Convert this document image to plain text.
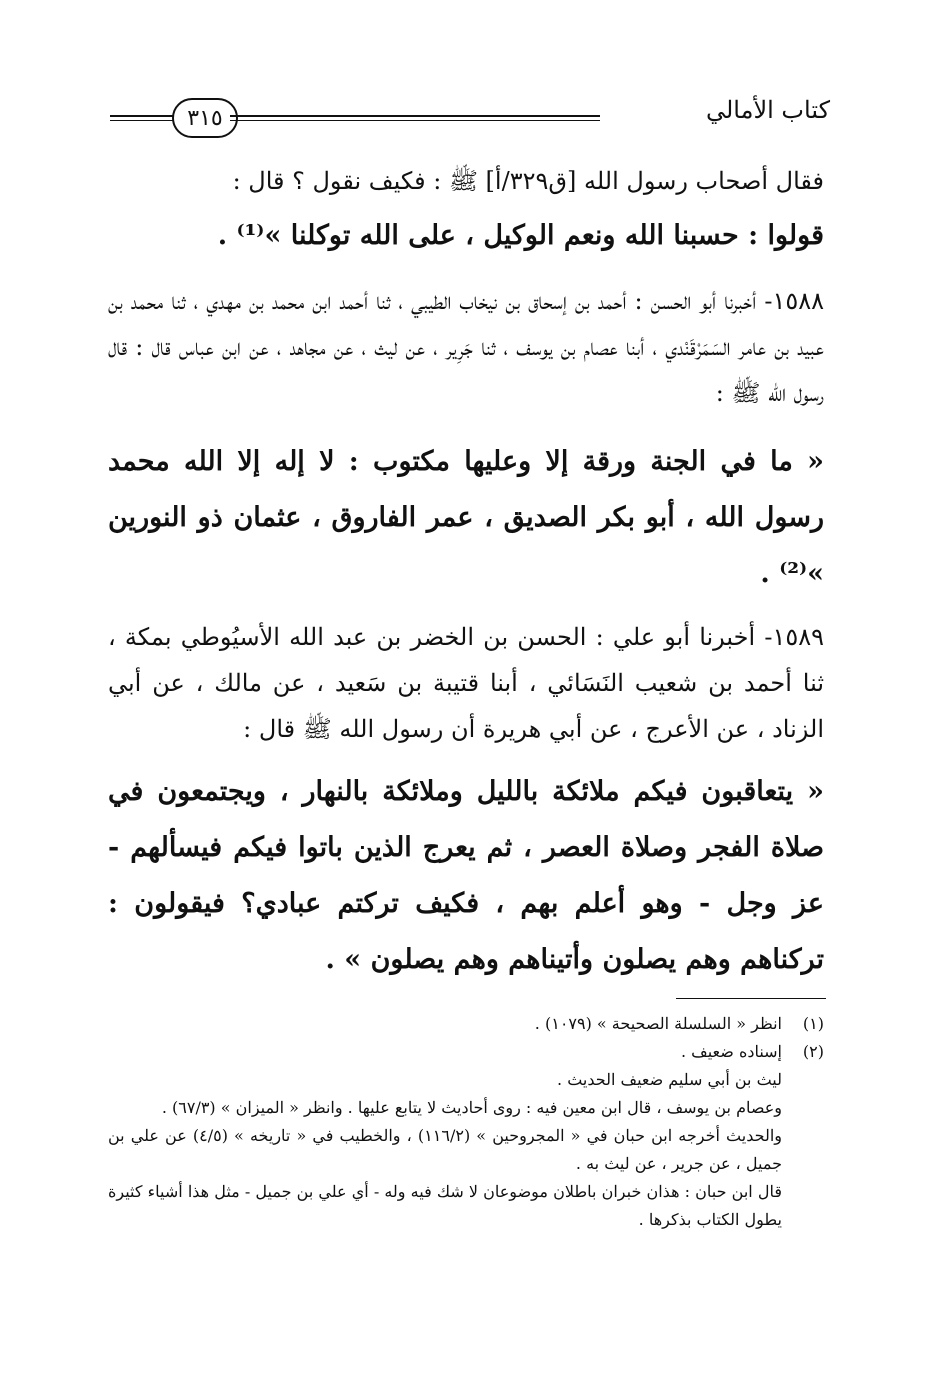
٣١٥	كتاب الأمالي

فقال أصحاب رسول الله [ق٣٢٩/أ] ﷺ : فكيف نقول ؟ قال :

قولوا : حسبنا الله ونعم الوكيل ، على الله توكلنا »⁽¹⁾ .

١٥٨٨- أخبرنا أبو الحسن : أحمد بن إسحاق بن نيخاب الطيبي ، ثنا أحمد ابن محمد بن مهدي ، ثنا محمد بن عبيد بن عامر السَمَرْقَنْدي ، أبنا عصام بن يوسف ، ثنا جَرِير ، عن ليث ، عن مجاهد ، عن ابن عباس قال : قال رسول الله ﷺ :

« ما في الجنة ورقة إلا وعليها مكتوب : لا إله إلا الله محمد رسول الله ، أبو بكر الصديق ، عمر الفاروق ، عثمان ذو النورين »⁽²⁾ .

١٥٨٩- أخبرنا أبو علي : الحسن بن الخضر بن عبد الله الأسيُوطي بمكة ، ثنا أحمد بن شعيب النَسَائي ، أبنا قتيبة بن سَعيد ، عن مالك ، عن أبي الزناد ، عن الأعرج ، عن أبي هريرة أن رسول الله ﷺ قال :

« يتعاقبون فيكم ملائكة بالليل وملائكة بالنهار ، ويجتمعون في صلاة الفجر وصلاة العصر ، ثم يعرج الذين باتوا فيكم فيسألهم - عز وجل - وهو أعلم بهم ، فكيف تركتم عبادي؟ فيقولون : تركناهم وهم يصلون وأتيناهم وهم يصلون » .

(١)
انظر « السلسلة الصحيحة » (١٠٧٩) .
(٢)
إسناده ضعيف .
ليث بن أبي سليم ضعيف الحديث .
وعصام بن يوسف ، قال ابن معين فيه : روى أحاديث لا يتابع عليها . وانظر « الميزان » (٦٧/٣) .
والحديث أخرجه ابن حبان في « المجروحين » (١١٦/٢) ، والخطيب في « تاريخه » (٤/٥) عن علي بن جميل ، عن جرير ، عن ليث به .
قال ابن حبان : هذان خبران باطلان موضوعان لا شك فيه وله - أي علي بن جميل - مثل هذا أشياء كثيرة يطول الكتاب بذكرها .
